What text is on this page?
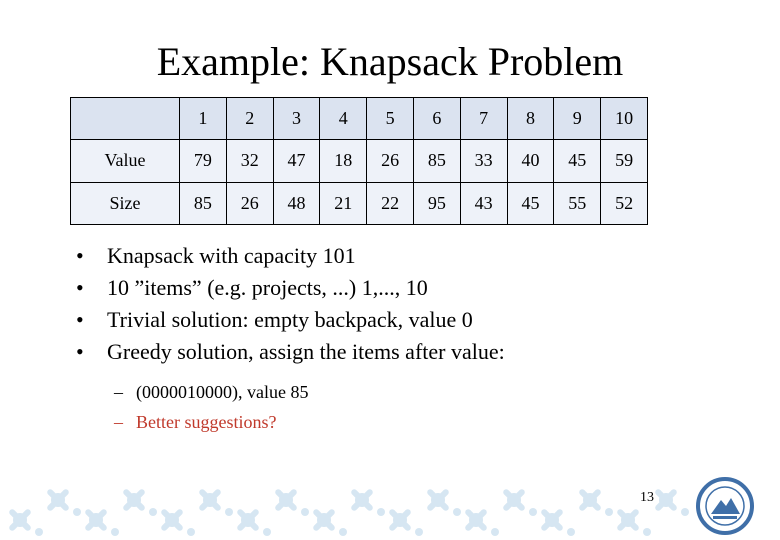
Example: Knapsack Problem
	1	2	3	4	5	6	7	8	9	10
Value	79	32	47	18	26	85	33	40	45	59
Size	85	26	48	21	22	95	43	45	55	52
• Knapsack with capacity 101
• 10 ”items” (e.g. projects, ...) 1,..., 10
• Trivial solution: empty backpack, value 0
• Greedy solution, assign the items after value:
– (0000010000), value 85
– Better suggestions?
13
